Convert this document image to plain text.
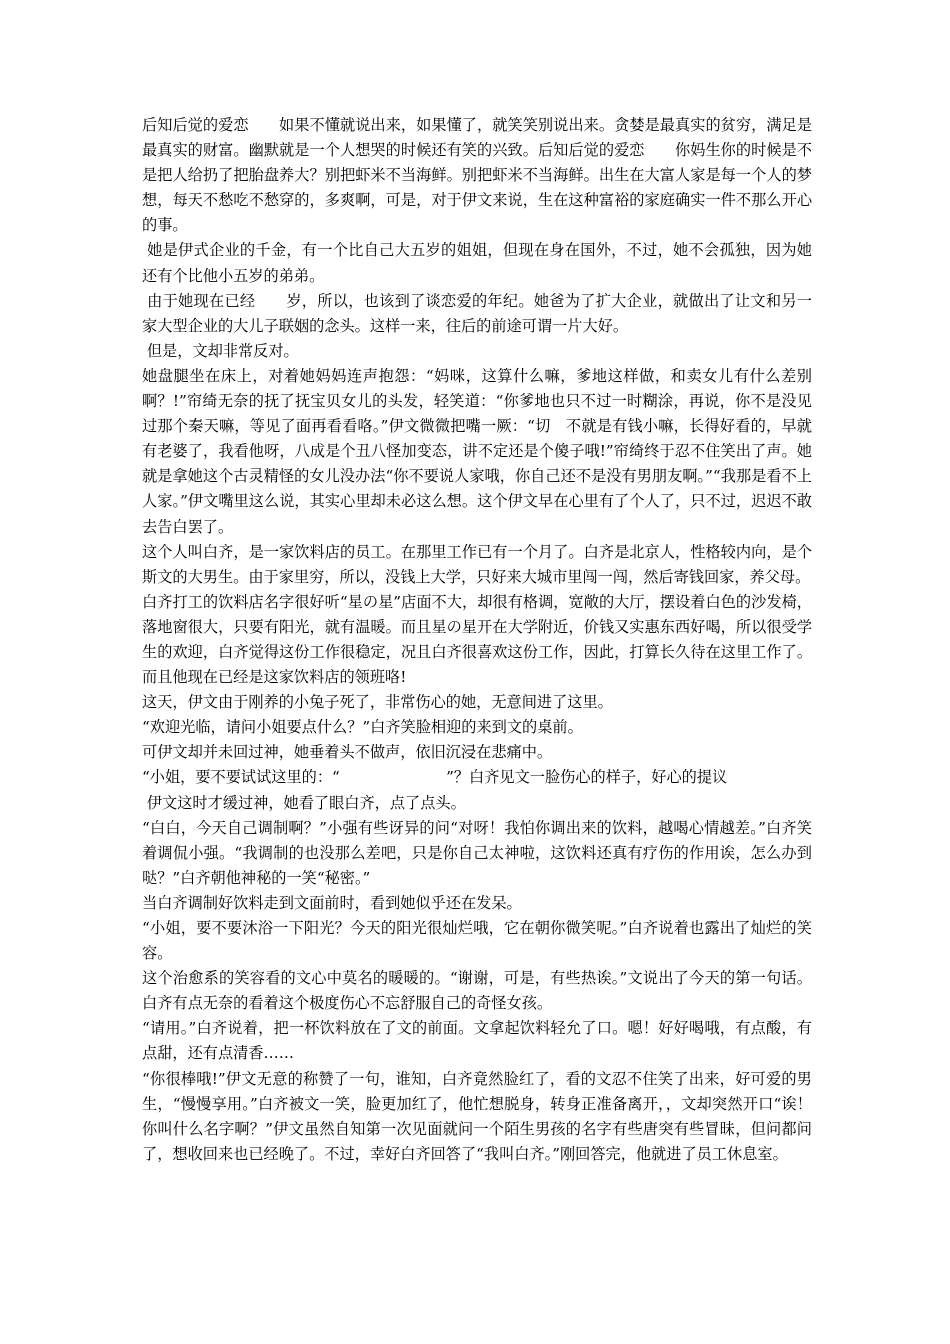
后知后觉的爱恋　　如果不懂就说出来，如果懂了，就笑笑别说出来。贪婪是最真实的贫穷，满足是最真实的财富。幽默就是一个人想哭的时候还有笑的兴致。后知后觉的爱恋　　你妈生你的时候是不是把人给扔了把胎盘养大？别把虾米不当海鲜。别把虾米不当海鲜。出生在大富人家是每一个人的梦想，每天不愁吃不愁穿的，多爽啊，可是，对于伊文来说，生在这种富裕的家庭确实一件不那么开心的事。

她是伊式企业的千金，有一个比自己大五岁的姐姐，但现在身在国外，不过，她不会孤独，因为她还有个比他小五岁的弟弟。

由于她现在已经　　岁，所以，也该到了谈恋爱的年纪。她爸为了扩大企业，就做出了让文和另一家大型企业的大儿子联姻的念头。这样一来，往后的前途可谓一片大好。

但是，文却非常反对。

她盘腿坐在床上，对着她妈妈连声抱怨：“妈咪，这算什么嘛，爹地这样做，和卖女儿有什么差别啊？!”帘绮无奈的抚了抚宝贝女儿的头发，轻笑道：“你爹地也只不过一时糊涂，再说，你不是没见过那个秦天嘛，等见了面再看看咯。”伊文微微把嘴一厥：“切　不就是有钱小嘛，长得好看的，早就有老婆了，我看他呀，八成是个丑八怪加变态，讲不定还是个傻子哦!”帘绮终于忍不住笑出了声。她就是拿她这个古灵精怪的女儿没办法“你不要说人家哦，你自己还不是没有男朋友啊。”“我那是看不上人家。”伊文嘴里这么说，其实心里却未必这么想。这个伊文早在心里有了个人了，只不过，迟迟不敢去告白罢了。

这个人叫白齐，是一家饮料店的员工。在那里工作已有一个月了。白齐是北京人，性格较内向，是个斯文的大男生。由于家里穷，所以，没钱上大学，只好来大城市里闯一闯，然后寄钱回家，养父母。

白齐打工的饮料店名字很好听“星の星”店面不大，却很有格调，宽敞的大厅，摆设着白色的沙发椅，落地窗很大，只要有阳光，就有温暖。而且星の星开在大学附近，价钱又实惠东西好喝，所以很受学生的欢迎，白齐觉得这份工作很稳定，况且白齐很喜欢这份工作，因此，打算长久待在这里工作了。而且他现在已经是这家饮料店的领班咯!

这天，伊文由于刚养的小兔子死了，非常伤心的她，无意间进了这里。

“欢迎光临，请问小姐要点什么？”白齐笑脸相迎的来到文的桌前。

可伊文却并未回过神，她垂着头不做声，依旧沉浸在悲痛中。

“小姐，要不要试试这里的：“　　　　　　　”？白齐见文一脸伤心的样子，好心的提议

伊文这时才缓过神，她看了眼白齐，点了点头。

“白白，今天自己调制啊？”小强有些讶异的问“对呀！我怕你调出来的饮料，越喝心情越差。”白齐笑着调侃小强。“我调制的也没那么差吧，只是你自己太神啦，这饮料还真有疗伤的作用诶，怎么办到哒？”白齐朝他神秘的一笑“秘密。”

当白齐调制好饮料走到文面前时，看到她似乎还在发呆。

“小姐，要不要沐浴一下阳光？今天的阳光很灿烂哦，它在朝你微笑呢。”白齐说着也露出了灿烂的笑容。

这个治愈系的笑容看的文心中莫名的暖暖的。“谢谢，可是，有些热诶。”文说出了今天的第一句话。白齐有点无奈的看着这个极度伤心不忘舒服自己的奇怪女孩。

“请用。”白齐说着，把一杯饮料放在了文的前面。文拿起饮料轻允了口。嗯！好好喝哦，有点酸，有点甜，还有点清香……

“你很棒哦!”伊文无意的称赞了一句，谁知，白齐竟然脸红了，看的文忍不住笑了出来，好可爱的男生，“慢慢享用。”白齐被文一笑，脸更加红了，他忙想脱身，转身正准备离开，，文却突然开口“诶！你叫什么名字啊？”伊文虽然自知第一次见面就问一个陌生男孩的名字有些唐突有些冒昧，但问都问了，想收回来也已经晚了。不过，幸好白齐回答了“我叫白齐。”刚回答完，他就进了员工休息室。
